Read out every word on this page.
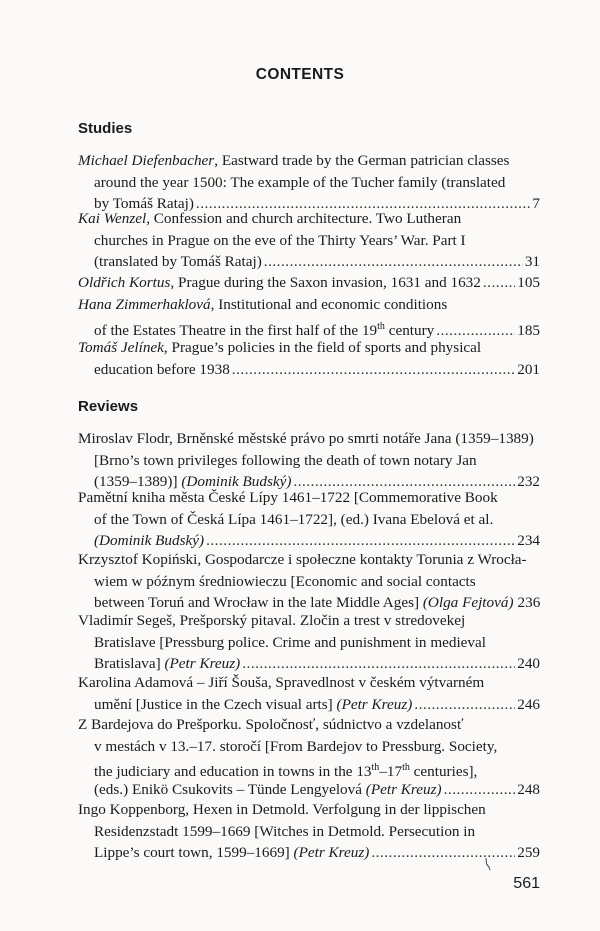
CONTENTS
Studies
Michael Diefenbacher, Eastward trade by the German patrician classes
around the year 1500: The example of the Tucher family (translated
by Tomáš Rataj) .....	7
Kai Wenzel, Confession and church architecture. Two Lutheran
churches in Prague on the eve of the Thirty Years’ War. Part I
(translated by Tomáš Rataj) .....	31
Oldřich Kortus, Prague during the Saxon invasion, 1631 and 1632 ..... 105
Hana Zimmerhaklová, Institutional and economic conditions
of the Estates Theatre in the first half of the 19th century .....	185
Tomáš Jelínek, Prague’s policies in the field of sports and physical
education before 1938 .....	201
Reviews
Miroslav Flodr, Brněnské městské právo po smrti notáře Jana (1359–1389)
[Brno’s town privileges following the death of town notary Jan
(1359–1389)] (Dominik Budský) .....	232
Pamětní kniha města České Lípy 1461–1722 [Commemorative Book
of the Town of Česká Lípa 1461–1722], (ed.) Ivana Ebelová et al.
(Dominik Budský) .....	234
Krzysztof Kopiński, Gospodarcze i społeczne kontakty Torunia z Wrocła-
wiem w późnym średniowieczu [Economic and social contacts
between Toruń and Wrocław in the late Middle Ages] (Olga Fejtová) 236
Vladimír Segeš, Prešporský pitaval. Zločin a trest v stredovekej
Bratislave [Pressburg police. Crime and punishment in medieval
Bratislava] (Petr Kreuz) .....	240
Karolina Adamová – Jiří Šouša, Spravedlnost v českém výtvarném
umění [Justice in the Czech visual arts] (Petr Kreuz) .....	246
Z Bardejova do Prešporku. Spoločnosť, súdnictvo a vzdelanosť
v mestách v 13.–17. storočí [From Bardejov to Pressburg. Society,
the judiciary and education in towns in the 13th–17th centuries],
(eds.) Enikö Csukovits – Tünde Lengyelová (Petr Kreuz) .....	248
Ingo Koppenborg, Hexen in Detmold. Verfolgung in der lippischen
Residenzstadt 1599–1669 [Witches in Detmold. Persecution in
Lippe’s court town, 1599–1669] (Petr Kreuz) .....	259
561
